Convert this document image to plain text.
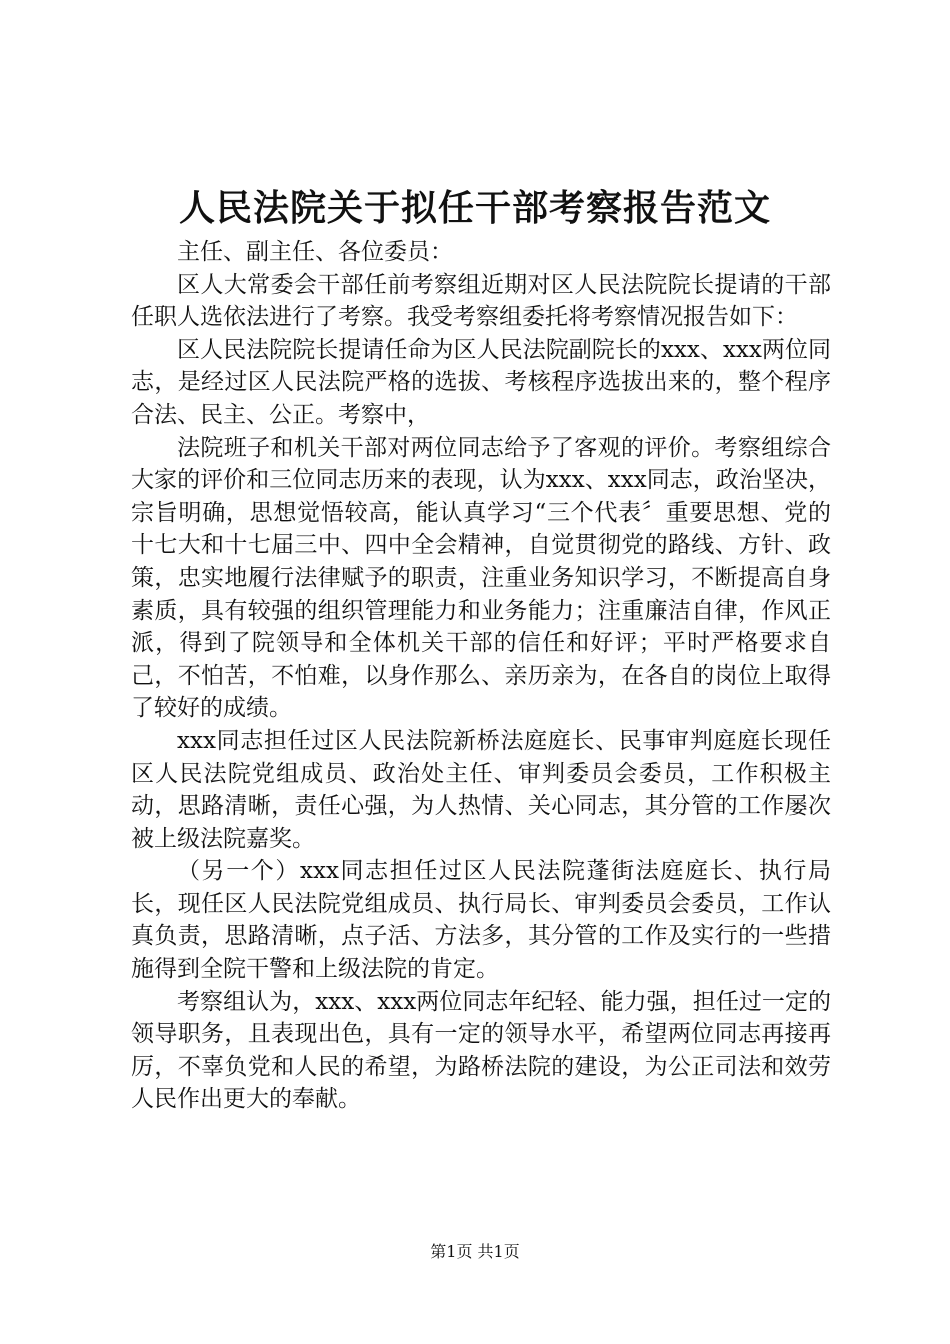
人民法院关于拟任干部考察报告范文

主任、副主任、各位委员：

区人大常委会干部任前考察组近期对区人民法院院长提请的干部任职人选依法进行了考察。我受考察组委托将考察情况报告如下：

区人民法院院长提请任命为区人民法院副院长的xxx、xxx两位同志，是经过区人民法院严格的选拔、考核程序选拔出来的，整个程序合法、民主、公正。考察中，

法院班子和机关干部对两位同志给予了客观的评价。考察组综合大家的评价和三位同志历来的表现，认为xxx、xxx同志，政治坚决，宗旨明确，思想觉悟较高，能认真学习“三个代表〞重要思想、党的十七大和十七届三中、四中全会精神，自觉贯彻党的路线、方针、政策，忠实地履行法律赋予的职责，注重业务知识学习，不断提高自身素质，具有较强的组织管理能力和业务能力；注重廉洁自律，作风正派，得到了院领导和全体机关干部的信任和好评；平时严格要求自己，不怕苦，不怕难，以身作那么、亲历亲为，在各自的岗位上取得了较好的成绩。

xxx同志担任过区人民法院新桥法庭庭长、民事审判庭庭长现任区人民法院党组成员、政治处主任、审判委员会委员，工作积极主动，思路清晰，责任心强，为人热情、关心同志，其分管的工作屡次被上级法院嘉奖。

（另一个）xxx同志担任过区人民法院蓬街法庭庭长、执行局长，现任区人民法院党组成员、执行局长、审判委员会委员，工作认真负责，思路清晰，点子活、方法多，其分管的工作及实行的一些措施得到全院干警和上级法院的肯定。

考察组认为，xxx、xxx两位同志年纪轻、能力强，担任过一定的领导职务，且表现出色，具有一定的领导水平，希望两位同志再接再厉，不辜负党和人民的希望，为路桥法院的建设，为公正司法和效劳人民作出更大的奉献。

第1页 共1页
